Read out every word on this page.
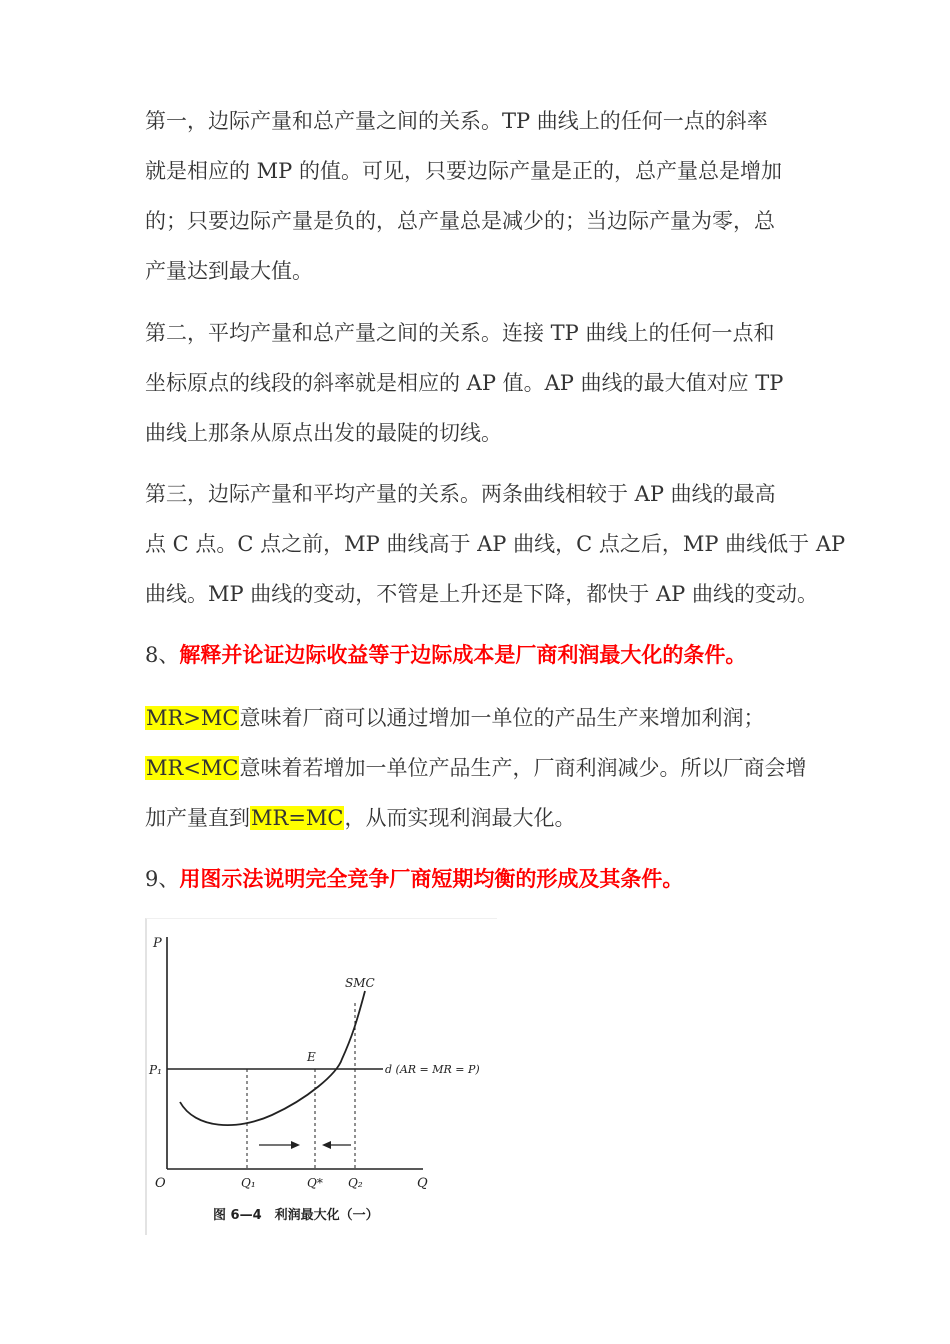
第一，边际产量和总产量之间的关系。TP 曲线上的任何一点的斜率
就是相应的 MP 的值。可见，只要边际产量是正的，总产量总是增加
的；只要边际产量是负的，总产量总是减少的；当边际产量为零，总
产量达到最大值。

第二，平均产量和总产量之间的关系。连接 TP 曲线上的任何一点和
坐标原点的线段的斜率就是相应的 AP 值。AP 曲线的最大值对应 TP
曲线上那条从原点出发的最陡的切线。

第三，边际产量和平均产量的关系。两条曲线相较于 AP 曲线的最高
点 C 点。C 点之前，MP 曲线高于 AP 曲线，C 点之后，MP 曲线低于 AP
曲线。MP 曲线的变动，不管是上升还是下降，都快于 AP 曲线的变动。

8、解释并论证边际收益等于边际成本是厂商利润最大化的条件。

MR>MC意味着厂商可以通过增加一单位的产品生产来增加利润；
MR<MC意味着若增加一单位产品生产，厂商利润减少。所以厂商会增
加产量直到MR=MC，从而实现利润最大化。

9、用图示法说明完全竞争厂商短期均衡的形成及其条件。

P
Q
O
P₁
SMC
E
d (AR = MR = P)
Q₁	Q* Q₂
图 6—4　利润最大化（一）
